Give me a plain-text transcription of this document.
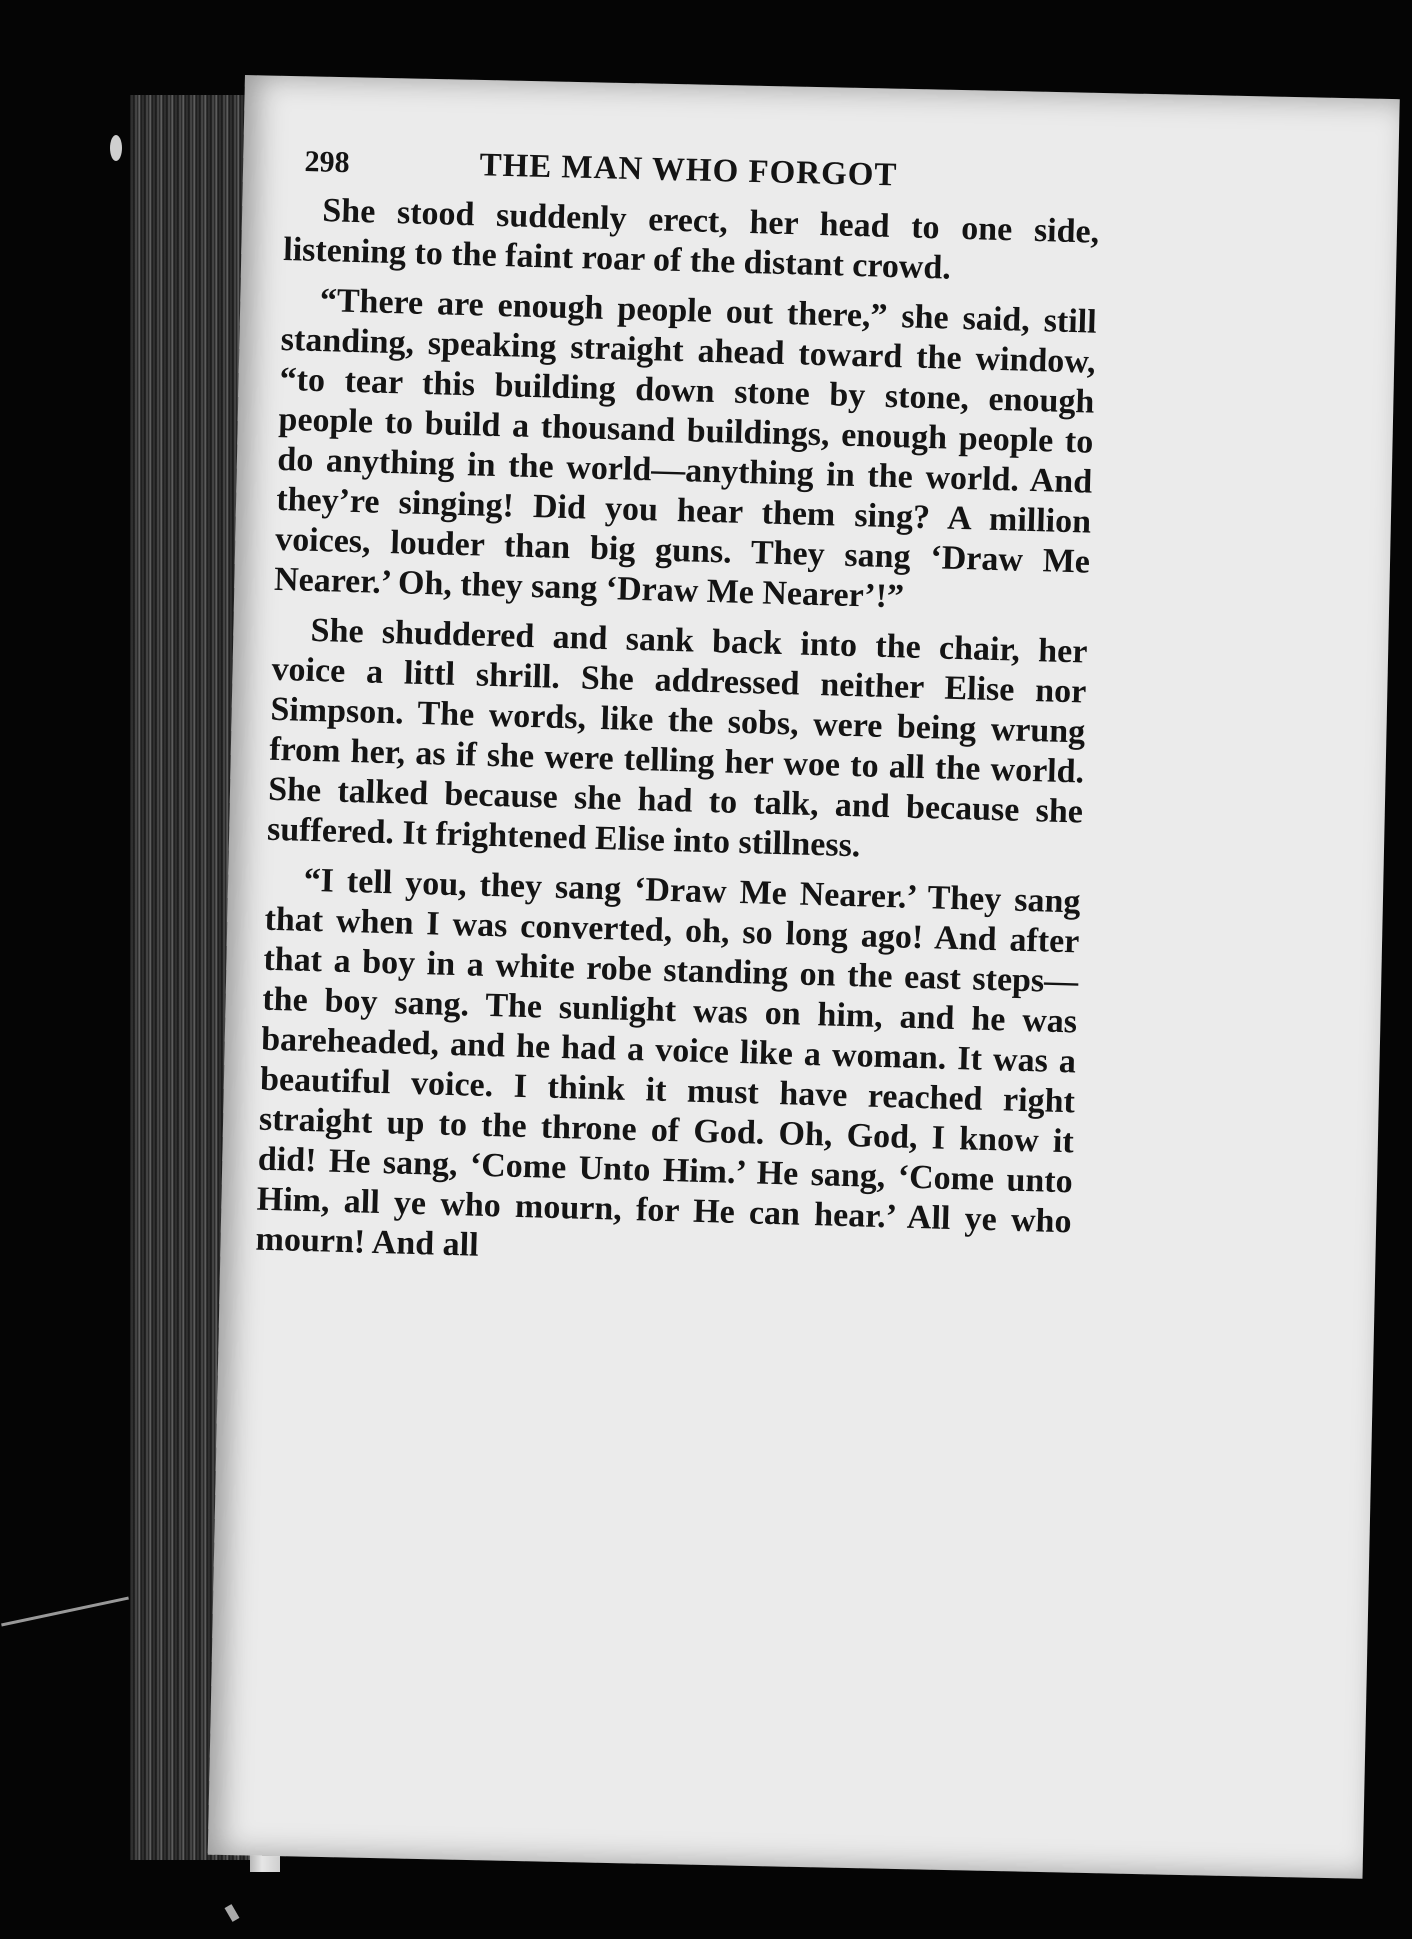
298	THE MAN WHO FORGOT

She stood suddenly erect, her head to one side, listening to the faint roar of the distant crowd.

“There are enough people out there,” she said, still standing, speaking straight ahead toward the window, “to tear this building down stone by stone, enough people to build a thousand buildings, enough people to do anything in the world—anything in the world. And they’re singing! Did you hear them sing? A million voices, louder than big guns. They sang ‘Draw Me Nearer.’ Oh, they sang ‘Draw Me Nearer’!”

She shuddered and sank back into the chair, her voice a littl shrill. She addressed neither Elise nor Simpson. The words, like the sobs, were being wrung from her, as if she were telling her woe to all the world. She talked because she had to talk, and because she suffered. It frightened Elise into stillness.

“I tell you, they sang ‘Draw Me Nearer.’ They sang that when I was converted, oh, so long ago! And after that a boy in a white robe standing on the east steps—the boy sang. The sunlight was on him, and he was bareheaded, and he had a voice like a woman. It was a beautiful voice. I think it must have reached right straight up to the throne of God. Oh, God, I know it did! He sang, ‘Come Unto Him.’ He sang, ‘Come unto Him, all ye who mourn, for He can hear.’ All ye who mourn! And all
